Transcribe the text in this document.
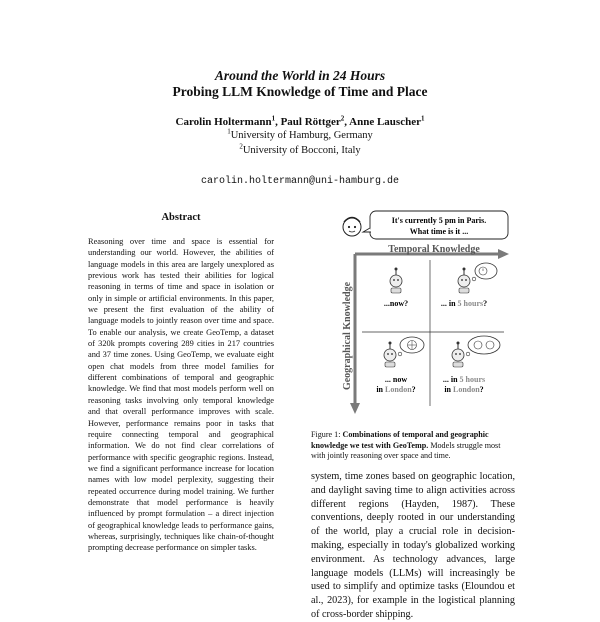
Around the World in 24 Hours
Probing LLM Knowledge of Time and Place
Carolin Holtermann$^1$, Paul Röttger$^2$, Anne Lauscher$^1$
$^1$University of Hamburg, Germany
$^2$University of Bocconi, Italy
carolin.holtermann@uni-hamburg.de
Abstract

Reasoning over time and space is essential for understanding our world. However, the abilities of language models in this area are largely unexplored as previous work has tested their abilities for logical reasoning in terms of time and space in isolation or only in simple or artificial environments. In this paper, we present the first evaluation of the ability of language models to jointly reason over time and space. To enable our analysis, we create GeoTemp, a dataset of 320k prompts covering 289 cities in 217 countries and 37 time zones. Using GeoTemp, we evaluate eight open chat models from three model families for different combinations of temporal and geographic knowledge. We find that most models perform well on reasoning tasks involving only temporal knowledge and that overall performance improves with scale. However, performance remains poor in tasks that require connecting temporal and geographical information. We do not find clear correlations of performance with specific geographic regions. Instead, we find a significant performance increase for location names with low model perplexity, suggesting their repeated occurrence during model training. We further demonstrate that model performance is heavily influenced by prompt formulation – a direct injection of geographical knowledge leads to performance gains, whereas, surprisingly, techniques like chain-of-thought prompting decrease performance on simpler tasks.

It's currently 5 pm in Paris.
What time is it ...
Temporal Knowledge
Geographical Knowledge	...now?	... in 5 hours?
... now
in London?
... in 5 hours
in London?

Figure 1: Combinations of temporal and geographic knowledge we test with GeoTemp. Models struggle most with jointly reasoning over space and time.

system, time zones based on geographic location, and daylight saving time to align activities across different regions (Hayden, 1987). These conventions, deeply rooted in our understanding of the world, play a crucial role in decision-making, especially in today's globalized working environment. As technology advances, large language models (LLMs) will increasingly be used to simplify and optimize tasks (Eloundou et al., 2023), for example in the logistical planning of cross-border shipping.
